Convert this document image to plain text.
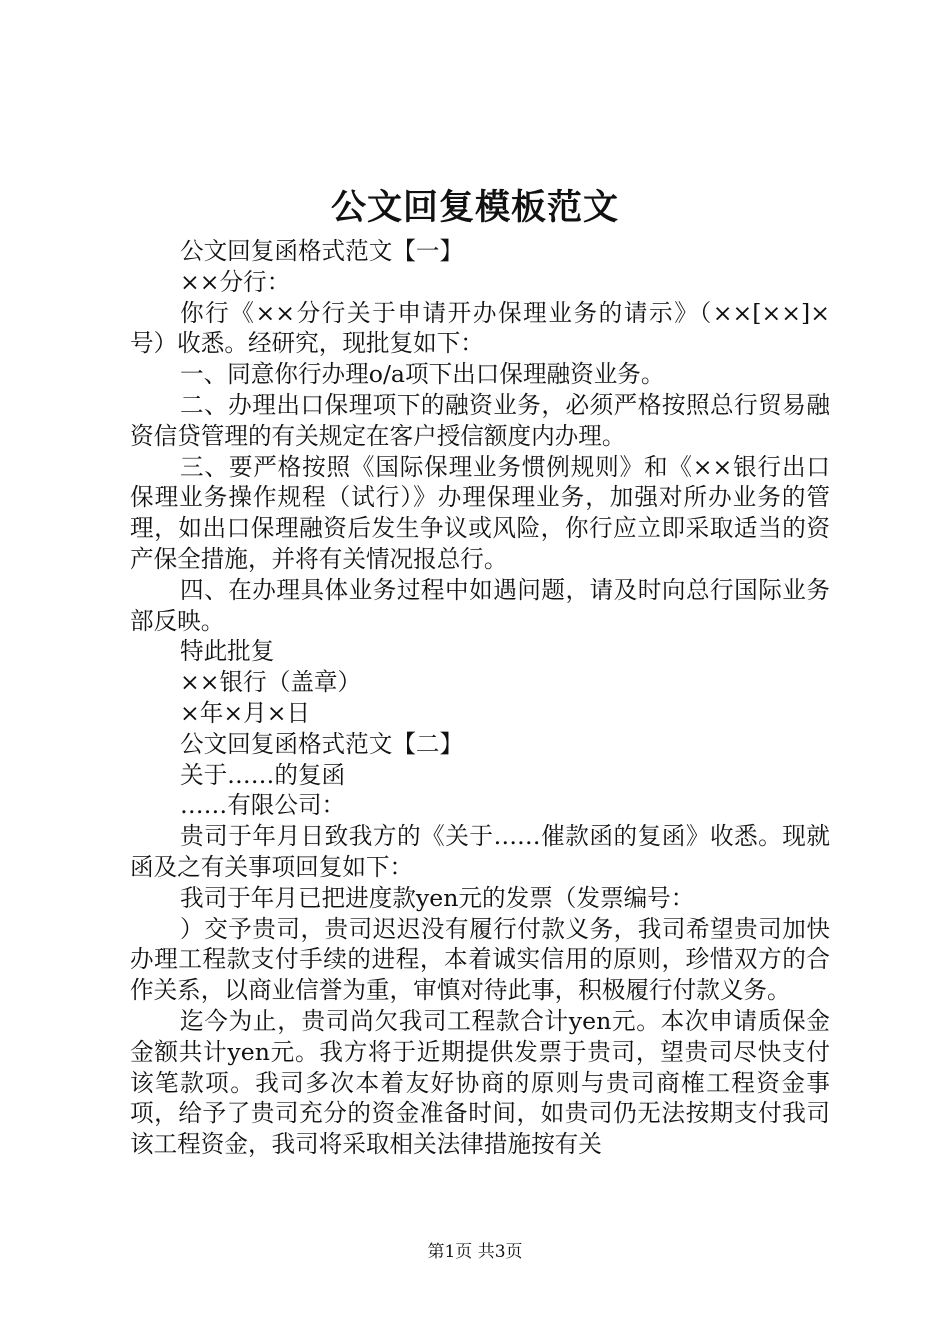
公文回复模板范文

公文回复函格式范文【一】

××分行：

你行《××分行关于申请开办保理业务的请示》（××[××]×号）收悉。经研究，现批复如下：

一、同意你行办理o/a项下出口保理融资业务。

二、办理出口保理项下的融资业务，必须严格按照总行贸易融资信贷管理的有关规定在客户授信额度内办理。

三、要严格按照《国际保理业务惯例规则》和《××银行出口保理业务操作规程（试行）》办理保理业务，加强对所办业务的管理，如出口保理融资后发生争议或风险，你行应立即采取适当的资产保全措施，并将有关情况报总行。

四、在办理具体业务过程中如遇问题，请及时向总行国际业务部反映。

特此批复

××银行（盖章）

×年×月×日

公文回复函格式范文【二】

关于……的复函

……有限公司：

贵司于年月日致我方的《关于……催款函的复函》收悉。现就函及之有关事项回复如下：

我司于年月已把进度款yen元的发票（发票编号：

）交予贵司，贵司迟迟没有履行付款义务，我司希望贵司加快办理工程款支付手续的进程，本着诚实信用的原则，珍惜双方的合作关系，以商业信誉为重，审慎对待此事，积极履行付款义务。

迄今为止，贵司尚欠我司工程款合计yen元。本次申请质保金金额共计yen元。我方将于近期提供发票于贵司，望贵司尽快支付该笔款项。我司多次本着友好协商的原则与贵司商榷工程资金事项，给予了贵司充分的资金准备时间，如贵司仍无法按期支付我司该工程资金，我司将采取相关法律措施按有关

第1页 共3页
